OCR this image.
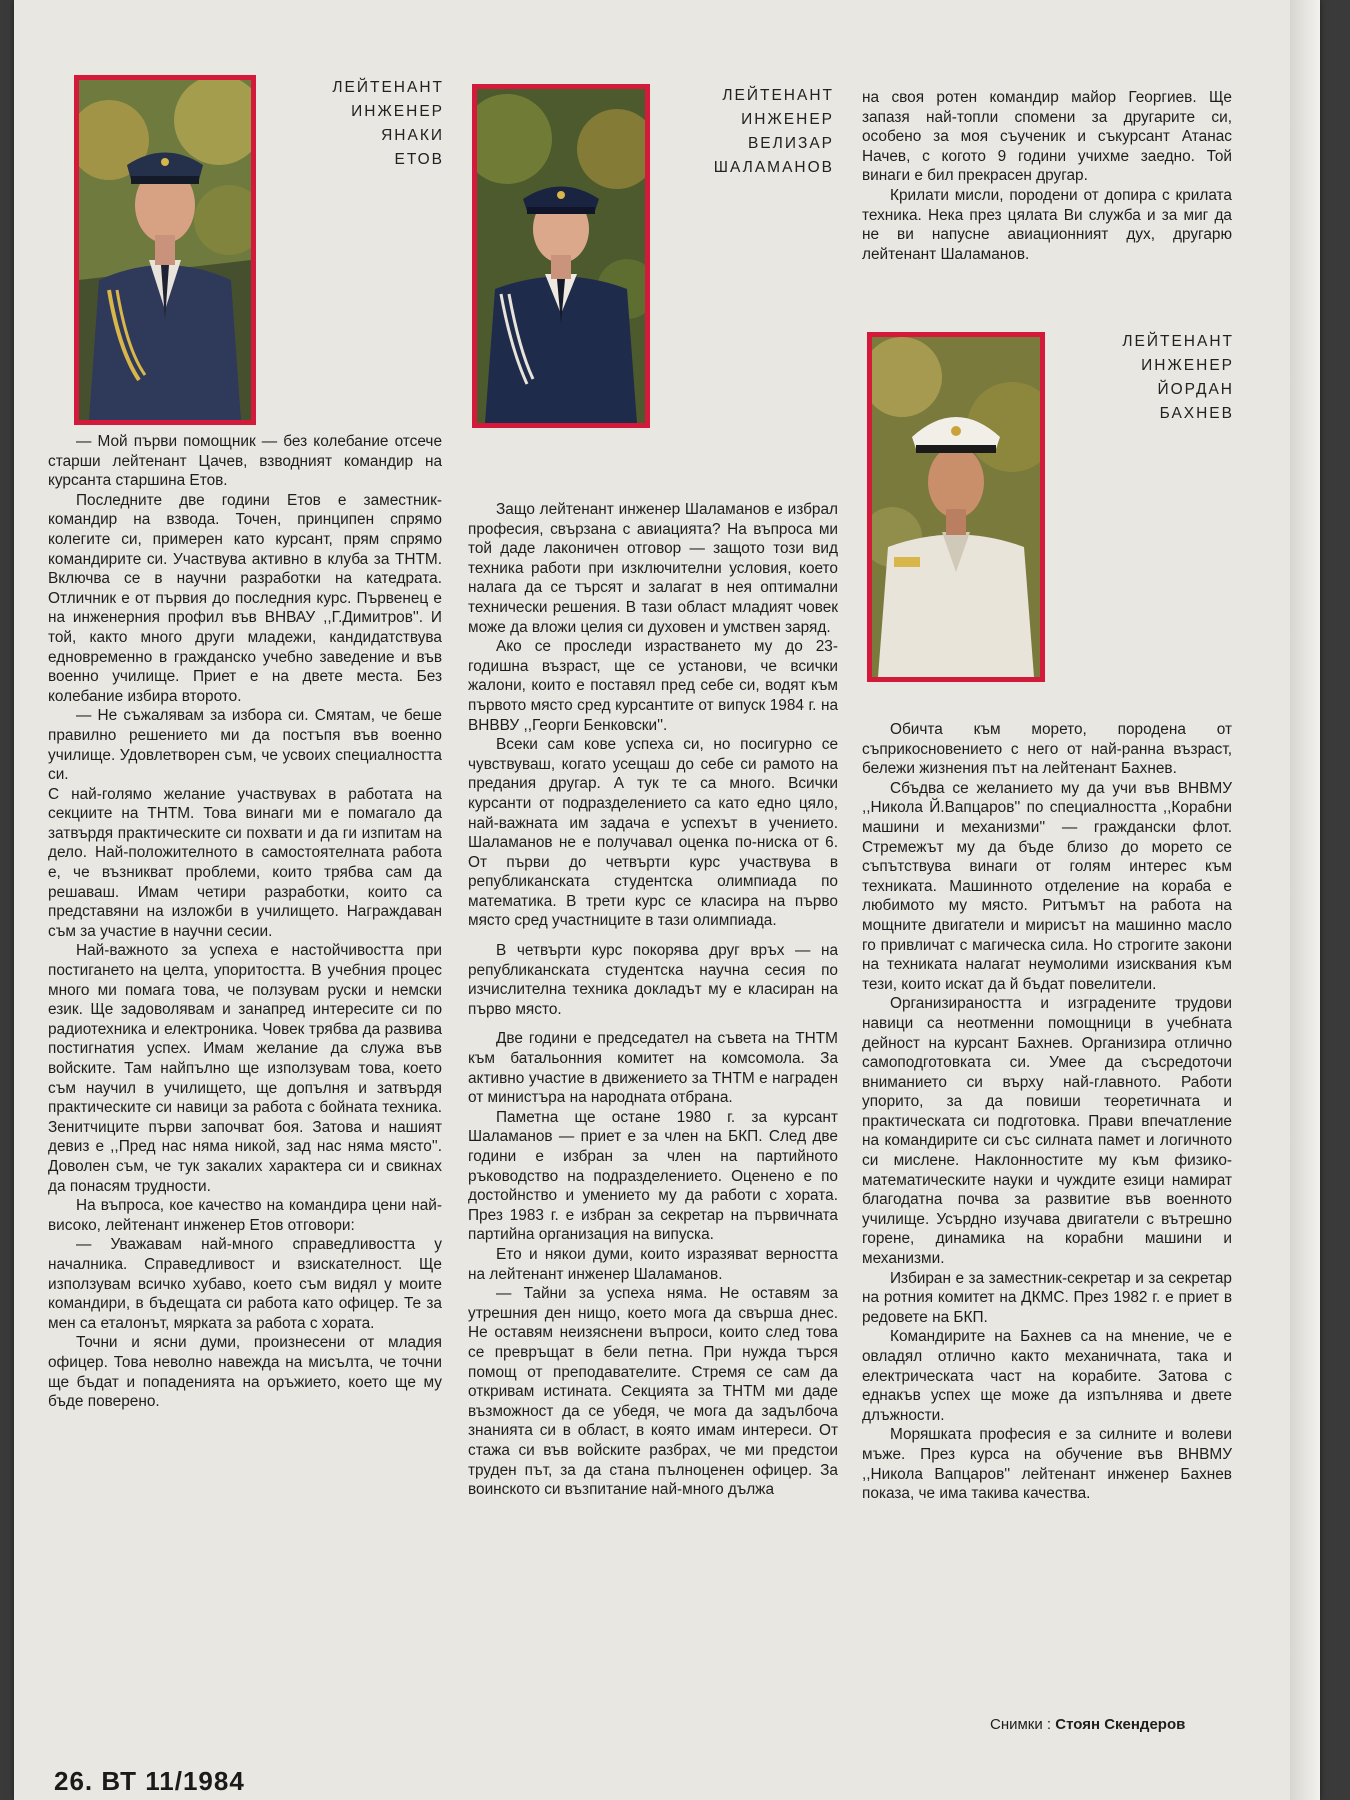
ЛЕЙТЕНАНТ
ИНЖЕНЕР
ЯНАКИ
ЕТОВ
ЛЕЙТЕНАНТ
ИНЖЕНЕР
ВЕЛИЗАР
ШАЛАМАНОВ
ЛЕЙТЕНАНТ
ИНЖЕНЕР
ЙОРДАН
БАХНЕВ

— Мой първи помощник — без колебание отсече старши лейтенант Цачев, взводният командир на курсанта старшина Етов.

Последните две години Етов е заместник-командир на взвода. Точен, принципен спрямо колегите си, примерен като курсант, прям спрямо командирите си. Участвува активно в клуба за ТНТМ. Включва се в научни разработки на катедрата. Отличник е от първия до последния курс. Първенец е на инженерния профил във ВНВАУ ,,Г.Димитров''. И той, както много други младежи, кандидатствува едновременно в гражданско учебно заведение и във военно училище. Приет е на двете места. Без колебание избира второто.

— Не съжалявам за избора си. Смятам, че беше правилно решението ми да постъпя във военно училище. Удовлетворен съм, че усвоих специалността си.

С най-голямо желание участвувах в работата на секциите на ТНТМ. Това винаги ми е помагало да затвърдя практическите си похвати и да ги изпитам на дело. Най-положителното в самостоятелната работа е, че възникват проблеми, които трябва сам да решаваш. Имам четири разработки, които са представяни на изложби в училището. Награждаван съм за участие в научни сесии.

Най-важното за успеха е настойчивостта при постигането на целта, упоритостта. В учебния процес много ми помага това, че ползувам руски и немски език. Ще задоволявам и занапред интересите си по радиотехника и електроника. Човек трябва да развива постигнатия успех. Имам желание да служа във войските. Там найпълно ще използувам това, което съм научил в училището, ще допълня и затвърдя практическите си навици за работа с бойната техника. Зенитчиците първи започват боя. Затова и нашият девиз е ,,Пред нас няма никой, зад нас няма място''. Доволен съм, че тук закалих характера си и свикнах да понасям трудности.

На въпроса, кое качество на командира цени най-високо, лейтенант инженер Етов отговори:

— Уважавам най-много справедливостта у началника. Справедливост и взискателност. Ще използувам всичко хубаво, което съм видял у моите командири, в бъдещата си работа като офицер. Те за мен са еталонът, мярката за работа с хората.

Точни и ясни думи, произнесени от младия офицер. Това неволно навежда на мисълта, че точни ще бъдат и попаденията на оръжието, което ще му бъде поверено.

Защо лейтенант инженер Шаламанов е избрал професия, свързана с авиацията? На въпроса ми той даде лаконичен отговор — защото този вид техника работи при изключителни условия, което налага да се търсят и залагат в нея оптимални технически решения. В тази област младият човек може да вложи целия си духовен и умствен заряд.

Ако се проследи израстването му до 23-годишна възраст, ще се установи, че всички жалони, които е поставял пред себе си, водят към първото място сред курсантите от випуск 1984 г. на ВНВВУ ,,Георги Бенковски''.

Всеки сам кове успеха си, но посигурно се чувствуваш, когато усещаш до себе си рамото на предания другар. А тук те са много. Всички курсанти от подразделението са като едно цяло, най-важната им задача е успехът в учението. Шаламанов не е получавал оценка по-ниска от 6. От първи до четвърти курс участвува в републиканската студентска олимпиада по математика. В трети курс се класира на първо място сред участниците в тази олимпиада.

В четвърти курс покорява друг връх — на републиканската студентска научна сесия по изчислителна техника докладът му е класиран на първо място.

Две години е председател на съвета на ТНТМ към батальонния комитет на комсомола. За активно участие в движението за ТНТМ е награден от министъра на народната отбрана.

Паметна ще остане 1980 г. за курсант Шаламанов — приет е за член на БКП. След две години е избран за член на партийното ръководство на подразделението. Оценено е по достойнство и умението му да работи с хората. През 1983 г. е избран за секретар на първичната партийна организация на випуска.

Ето и някои думи, които изразяват верността на лейтенант инженер Шаламанов.

— Тайни за успеха няма. Не оставям за утрешния ден нищо, което мога да свърша днес. Не оставям неизяснени въпроси, които след това се превръщат в бели петна. При нужда търся помощ от преподавателите. Стремя се сам да откривам истината. Секцията за ТНТМ ми даде възможност да се убедя, че мога да задълбоча знанията си в област, в която имам интереси. От стажа си във войските разбрах, че ми предстои труден път, за да стана пълноценен офицер. За воинското си възпитание най-много дължа

на своя ротен командир майор Георгиев. Ще запазя най-топли спомени за другарите си, особено за моя съученик и съкурсант Атанас Начев, с когото 9 години учихме заедно. Той винаги е бил прекрасен другар.

Крилати мисли, породени от допира с крилата техника. Нека през цялата Ви служба и за миг да не ви напусне авиационният дух, другарю лейтенант Шаламанов.

Обичта към морето, породена от съприкосновението с него от най-ранна възраст, бележи жизнения път на лейтенант Бахнев.

Сбъдва се желанието му да учи във ВНВМУ ,,Никола Й.Вапцаров'' по специалността ,,Корабни машини и механизми'' — граждански флот. Стремежът му да бъде близо до морето се съпътствува винаги от голям интерес към техниката. Машинното отделение на кораба е любимото му място. Ритъмът на работа на мощните двигатели и мирисът на машинно масло го привличат с магическа сила. Но строгите закони на техниката налагат неумолими изисквания към тези, които искат да й бъдат повелители.

Организираността и изградените трудови навици са неотменни помощници в учебната дейност на курсант Бахнев. Организира отлично самоподготовката си. Умее да съсредоточи вниманието си върху най-главното. Работи упорито, за да повиши теоретичната и практическата си подготовка. Прави впечатление на командирите си със силната памет и логичното си мислене. Наклонностите му към физико-математическите науки и чуждите езици намират благодатна почва за развитие във военното училище. Усърдно изучава двигатели с вътрешно горене, динамика на корабни машини и механизми.

Избиран е за заместник-секретар и за секретар на ротния комитет на ДКМС. През 1982 г. е приет в редовете на БКП.

Командирите на Бахнев са на мнение, че е овладял отлично както механичната, така и електрическата част на корабите. Затова с еднакъв успех ще може да изпълнява и двете длъжности.

Моряшката професия е за силните и волеви мъже. През курса на обучение във ВНВМУ ,,Никола Вапцаров'' лейтенант инженер Бахнев показа, че има такива качества.

Снимки : Стоян Скендеров
26. ВТ 11/1984
